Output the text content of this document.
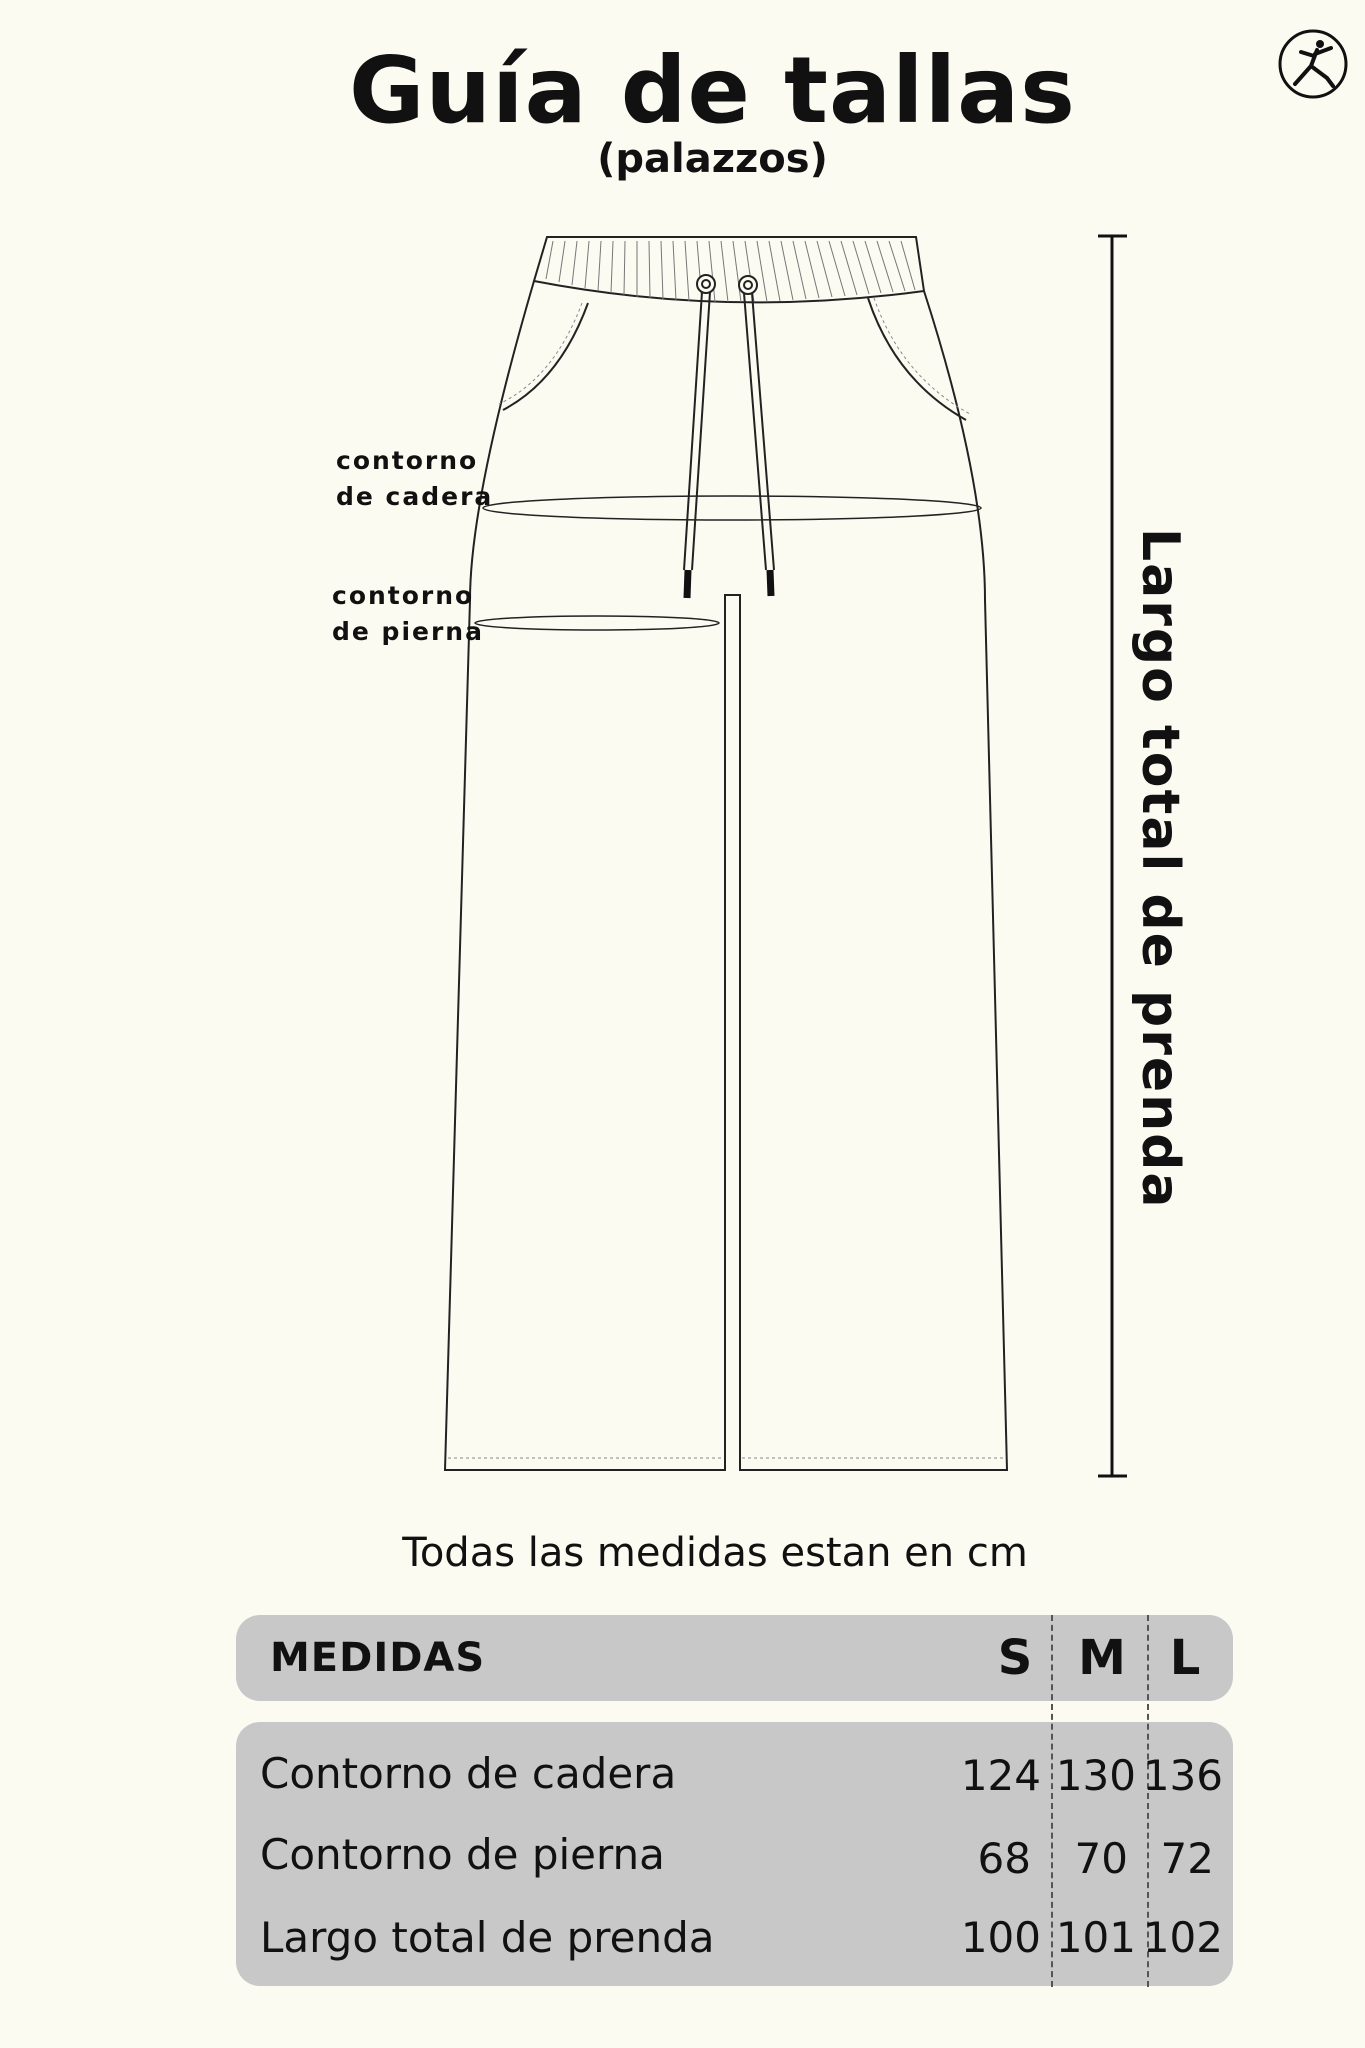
Guía de tallas
(palazzos)
contorno
de cadera
contorno
de pierna	Largo total de prenda
Todas las medidas estan en cm
MEDIDAS	S M L
Contorno de cadera	124 130 136
Contorno de pierna	68	70 72
Largo total de prenda	100 101 102
